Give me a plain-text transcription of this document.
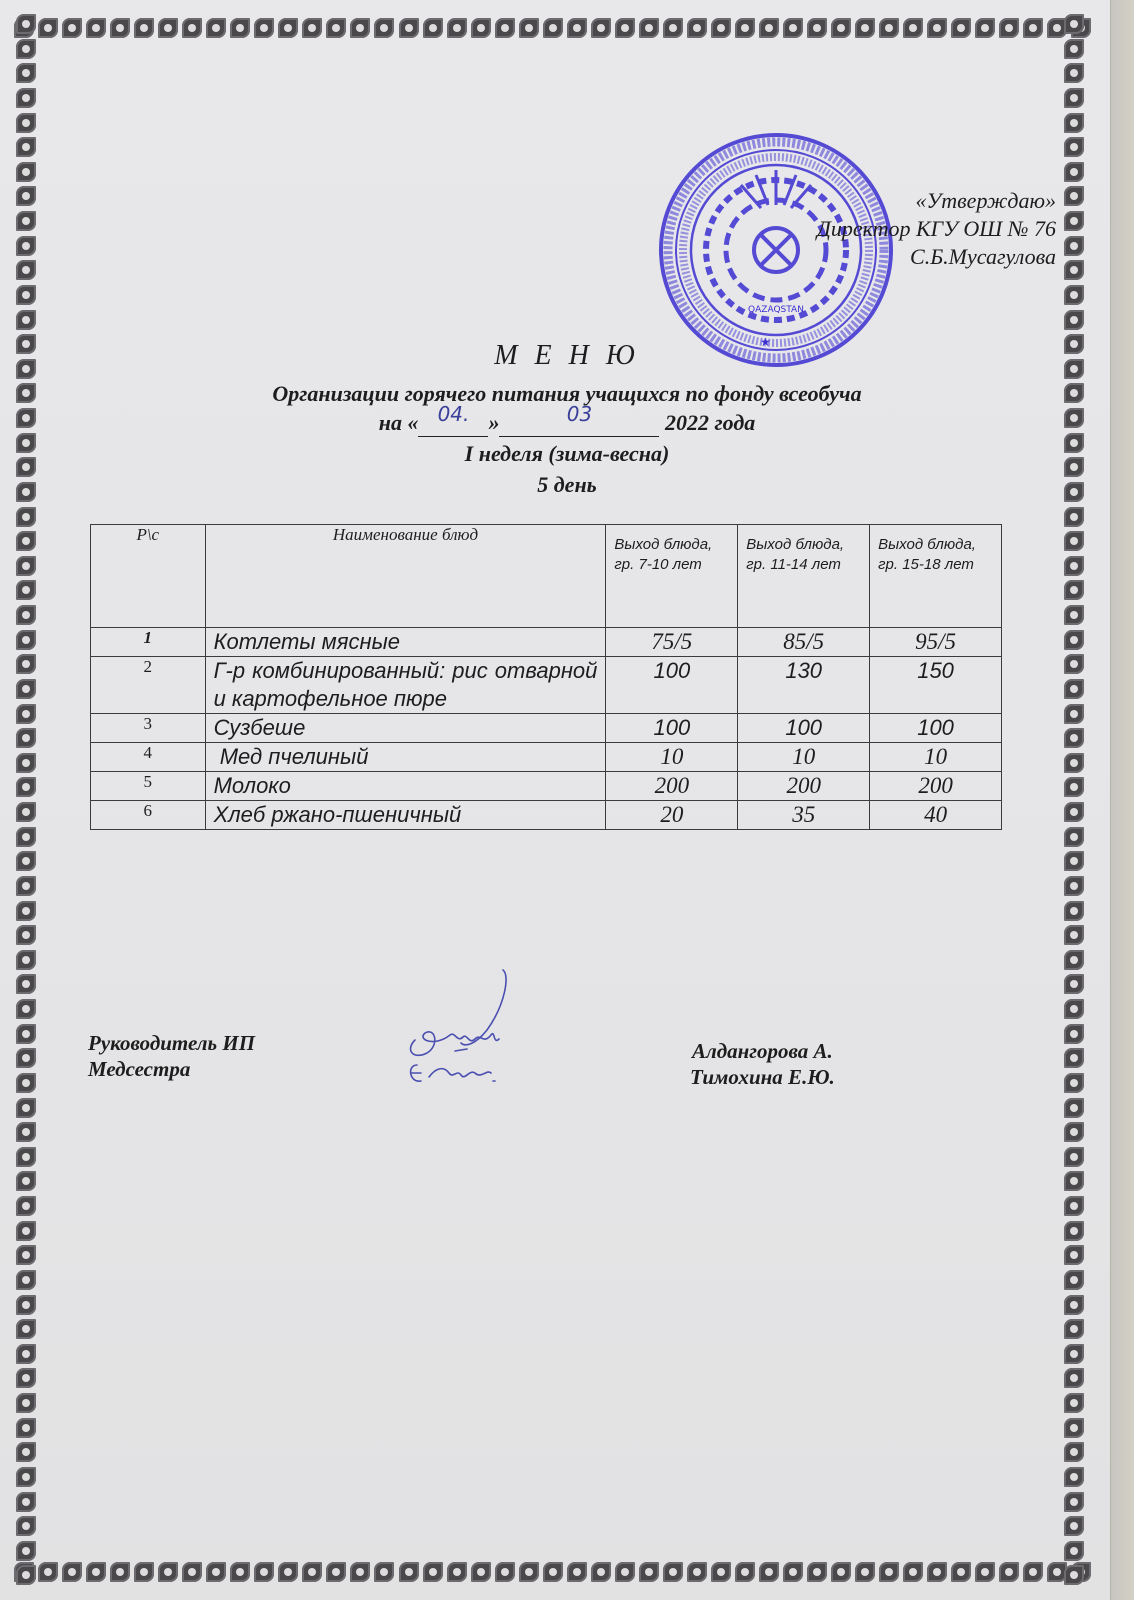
QAZAQSTAN
★
«Утверждаю»
Директор КГУ ОШ № 76
С.Б.Мусагулова
М Е Н Ю
Организации горячего питания учащихся по фонду всеобуча
на « 04. »	03	2022 года
I неделя (зима-весна)
5 день
Р\с	Наименование блюд	Выход блюда, гр. 7-10 лет	Выход блюда, гр. 11-14 лет	Выход блюда, гр. 15-18 лет
1	Котлеты мясные	75/5	85/5	95/5
2	Г-р комбинированный: рис отварной и картофельное пюре	100	130	150
3	Сузбеше	100	100	100
4	Мед пчелиный	10	10	10
5	Молоко	200	200	200
6	Хлеб ржано-пшеничный	20	35	40
Руководитель ИП
Медсестра
Алдангорова А.
Тимохина Е.Ю.
